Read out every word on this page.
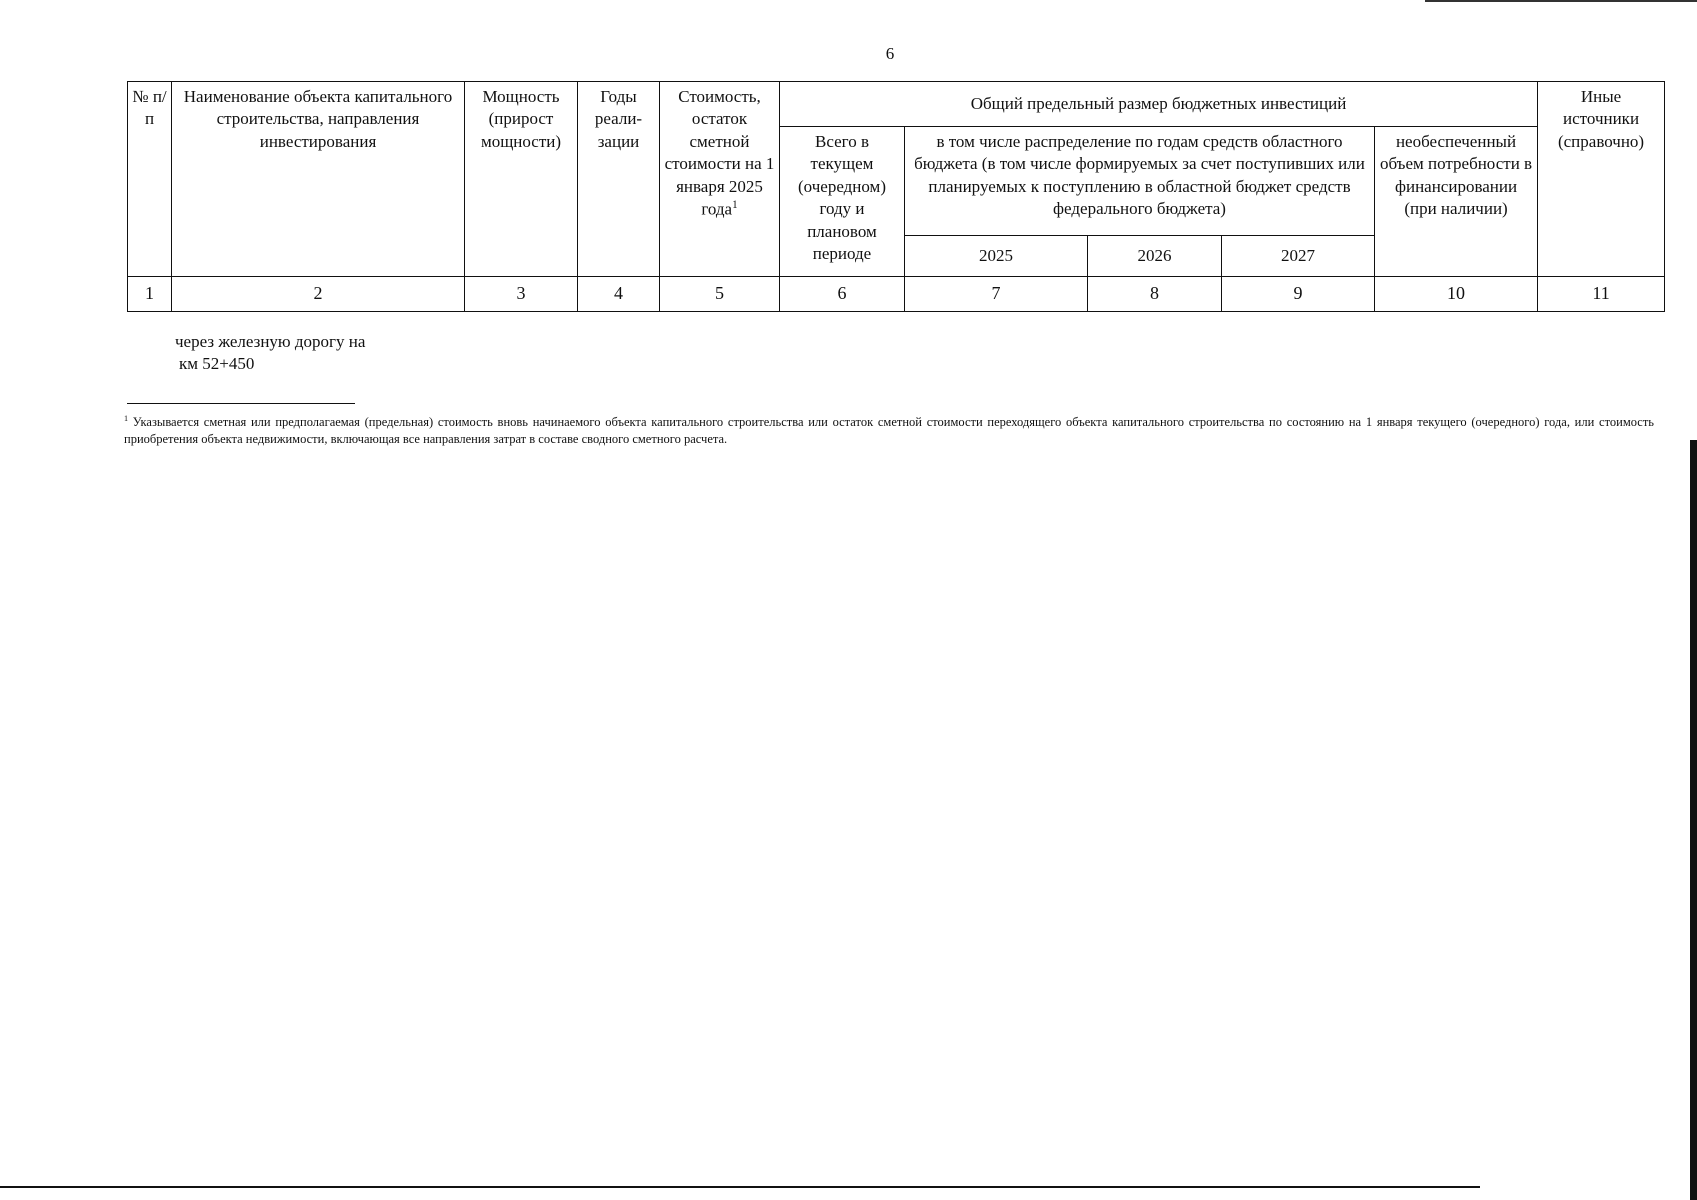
6
№ п/п	Наименование объекта капитального строительства, направления инвестирования	Мощность (прирост мощности)	Годы реали-зации	Стоимость, остаток сметной стоимости на 1 января 2025 года$^1$	Общий предельный размер бюджетных инвестиций					Иные источники (справочно)
					Всего в текущем (очередном) году и плановом периоде	в том числе распределение по годам средств областного бюджета (в том числе формируемых за счет поступивших или планируемых к поступлению в областной бюджет средств федерального бюджета)			необеспеченный объем потребности в финансировании (при наличии)	
						2025	2026	2027		
1	2	3	4	5	6	7	8	9	10	11
через железную дорогу на
км 52+450
$^1$ Указывается сметная или предполагаемая (предельная) стоимость вновь начинаемого объекта капитального строительства или остаток сметной стоимости переходящего объекта капитального строительства по состоянию на 1 января текущего (очередного) года, или стоимость приобретения объекта недвижимости, включающая все направления затрат в составе сводного сметного расчета.
